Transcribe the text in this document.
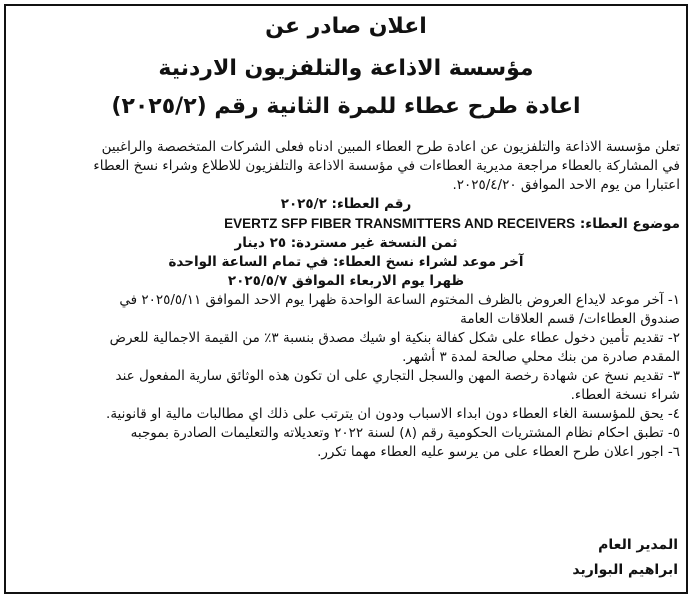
اعلان صادر عن
مؤسسة الاذاعة والتلفزيون الاردنية
اعادة طرح عطاء للمرة الثانية رقم (٢٠٢٥/٢)

تعلن مؤسسة الاذاعة والتلفزيون عن اعادة طرح العطاء المبين ادناه فعلى الشركات المتخصصة والراغبين

في المشاركة بالعطاء مراجعة مديرية العطاءات في مؤسسة الاذاعة والتلفزيون للاطلاع وشراء نسخ العطاء

اعتبارا من يوم الاحد الموافق ٢٠٢٥/٤/٢٠.

رقم العطاء: ٢٠٢٥/٢
موضوع العطاء: EVERTZ SFP FIBER TRANSMITTERS AND RECEIVERS
ثمن النسخة غير مستردة: ٢٥ دينار
آخر موعد لشراء نسخ العطاء: في تمام الساعة الواحدة
ظهرا يوم الاربعاء الموافق ٢٠٢٥/٥/٧
١- آخر موعد لايداع العروض بالظرف المختوم الساعة الواحدة ظهرا يوم الاحد الموافق ٢٠٢٥/٥/١١ في
صندوق العطاءات/ قسم العلاقات العامة
٢- تقديم تأمين دخول عطاء على شكل كفالة بنكية او شيك مصدق بنسبة ٣٪ من القيمة الاجمالية للعرض
المقدم صادرة من بنك محلي صالحة لمدة ٣ أشهر.
٣- تقديم نسخ عن شهادة رخصة المهن والسجل التجاري على ان تكون هذه الوثائق سارية المفعول عند
شراء نسخة العطاء.
٤- يحق للمؤسسة الغاء العطاء دون ابداء الاسباب ودون ان يترتب على ذلك اي مطالبات مالية او قانونية.
٥- تطبق احكام نظام المشتريات الحكومية رقم (٨) لسنة ٢٠٢٢ وتعديلاته والتعليمات الصادرة بموجبه
٦- اجور اعلان طرح العطاء على من يرسو عليه العطاء مهما تكرر.
المدير العام
ابراهيم البواريد
